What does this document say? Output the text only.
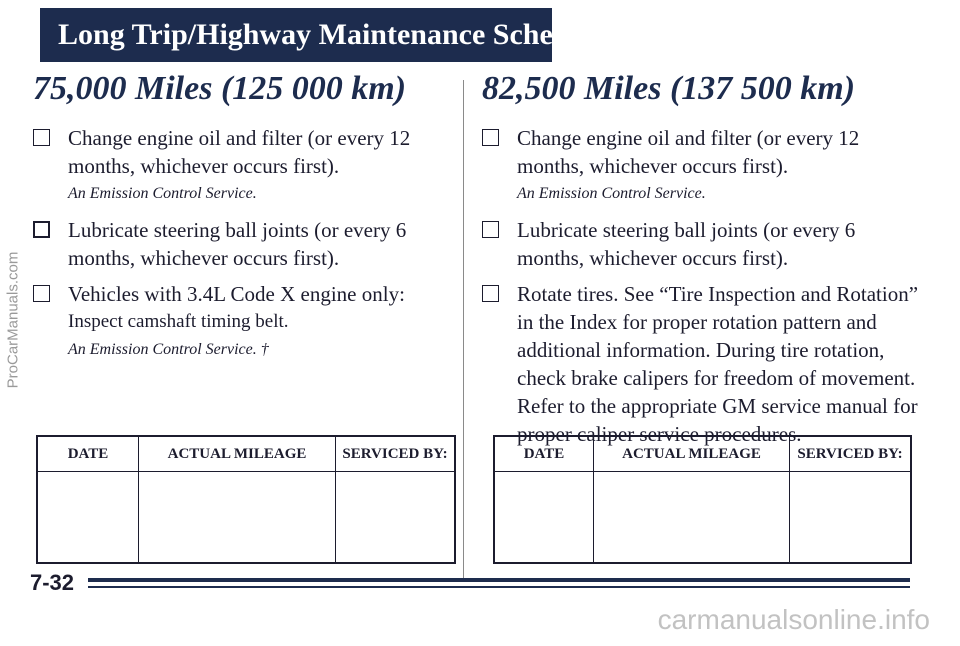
Long Trip/Highway Maintenance Schedule
75,000 Miles (125 000 km)
Change engine oil and filter (or every 12 months, whichever occurs first).
An Emission Control Service.
Lubricate steering ball joints (or every 6 months, whichever occurs first).
Vehicles with 3.4L Code X engine only:
Inspect camshaft timing belt.
An Emission Control Service. †
82,500 Miles (137 500 km)
Change engine oil and filter (or every 12 months, whichever occurs first).
An Emission Control Service.
Lubricate steering ball joints (or every 6 months, whichever occurs first).
Rotate tires. See “Tire Inspection and Rotation” in the Index for proper rotation pattern and additional information. During tire rotation, check brake calipers for freedom of movement. Refer to the appropriate GM service manual for proper caliper service procedures.
DATE	ACTUAL MILEAGE	SERVICED BY:
			DATE	ACTUAL MILEAGE	SERVICED BY:

7-32
ProCarManuals.com
carmanualsonline.info
